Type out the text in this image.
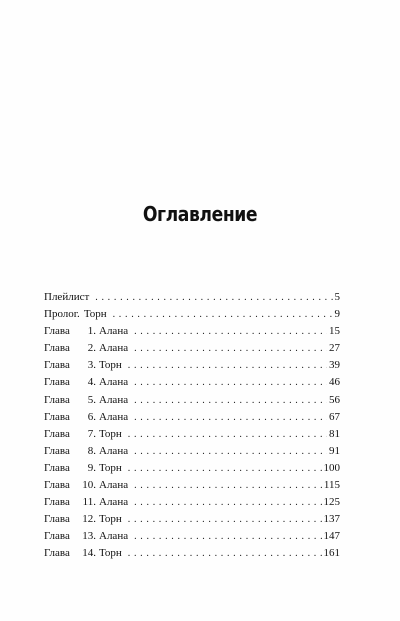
Оглавление
Плейлист . . .	5
Пролог. Торн . . .	9
Глава	1. Алана . . .	15
Глава	2. Алана . . .	27
Глава	3. Торн . . .	39
Глава	4. Алана . . .	46
Глава	5. Алана . . .	56
Глава	6. Алана . . .	67
Глава	7. Торн . . .	81
Глава	8. Алана . . .	91
Глава	9. Торн . . .	100
Глава	10. Алана . . .	115
Глава	11. Алана . . .	125
Глава	12. Торн . . .	137
Глава	13. Алана . . .	147
Глава	14. Торн . . .	161
